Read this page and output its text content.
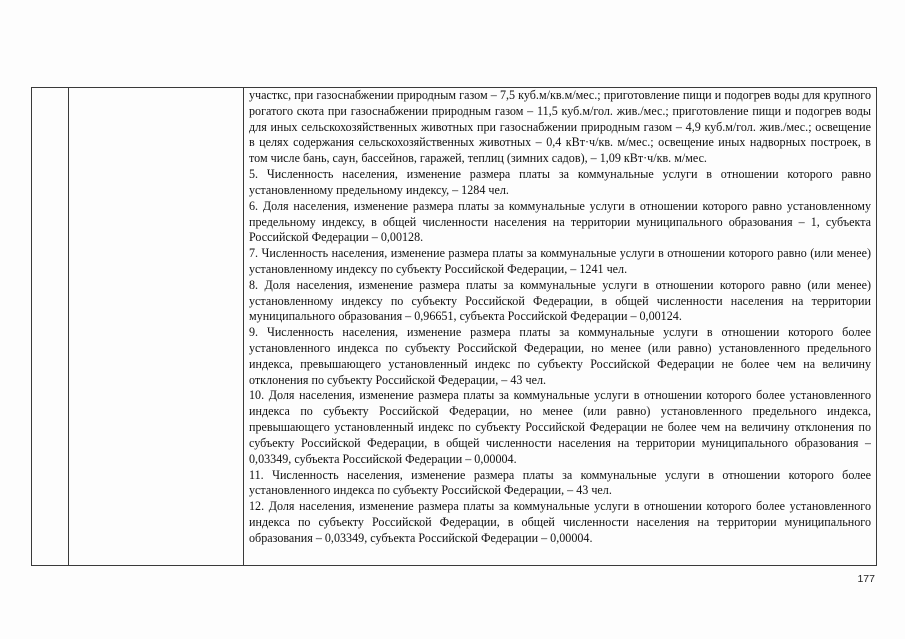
участкс, при газоснабжении природным газом – 7,5 куб.м/кв.м/мес.; приготовление пищи и подогрев воды для крупного рогатого скота при газоснабжении природным газом – 11,5 куб.м/гол. жив./мес.; приготовление пищи и подогрев воды для иных сельскохозяйственных животных при газоснабжении природным газом – 4,9 куб.м/гол. жив./мес.; освещение в целях содержания сельскохозяйственных животных – 0,4 кВт·ч/кв. м/мес.; освещение иных надворных построек, в том числе бань, саун, бассейнов, гаражей, теплиц (зимних садов), – 1,09 кВт·ч/кв. м/мес.

5. Численность населения, изменение размера платы за коммунальные услуги в отношении которого равно установленному предельному индексу, – 1284 чел.

6. Доля населения, изменение размера платы за коммунальные услуги в отношении которого равно установленному предельному индексу, в общей численности населения на территории муниципального образования – 1, субъекта Российской Федерации – 0,00128.

7. Численность населения, изменение размера платы за коммунальные услуги в отношении которого равно (или менее) установленному индексу по субъекту Российской Федерации, – 1241 чел.

8. Доля населения, изменение размера платы за коммунальные услуги в отношении которого равно (или менее) установленному индексу по субъекту Российской Федерации, в общей численности населения на территории муниципального образования – 0,96651, субъекта Российской Федерации – 0,00124.

9. Численность населения, изменение размера платы за коммунальные услуги в отношении которого более установленного индекса по субъекту Российской Федерации, но менее (или равно) установленного предельного индекса, превышающего установленный индекс по субъекту Российской Федерации не более чем на величину отклонения по субъекту Российской Федерации, – 43 чел.

10. Доля населения, изменение размера платы за коммунальные услуги в отношении которого более установленного индекса по субъекту Российской Федерации, но менее (или равно) установленного предельного индекса, превышающего установленный индекс по субъекту Российской Федерации не более чем на величину отклонения по субъекту Российской Федерации, в общей численности населения на территории муниципального образования – 0,03349, субъекта Российской Федерации – 0,00004.

11. Численность населения, изменение размера платы за коммунальные услуги в отношении которого более установленного индекса по субъекту Российской Федерации, – 43 чел.

12. Доля населения, изменение размера платы за коммунальные услуги в отношении которого более установленного индекса по субъекту Российской Федерации, в общей численности населения на территории муниципального образования – 0,03349, субъекта Российской Федерации – 0,00004.

177
